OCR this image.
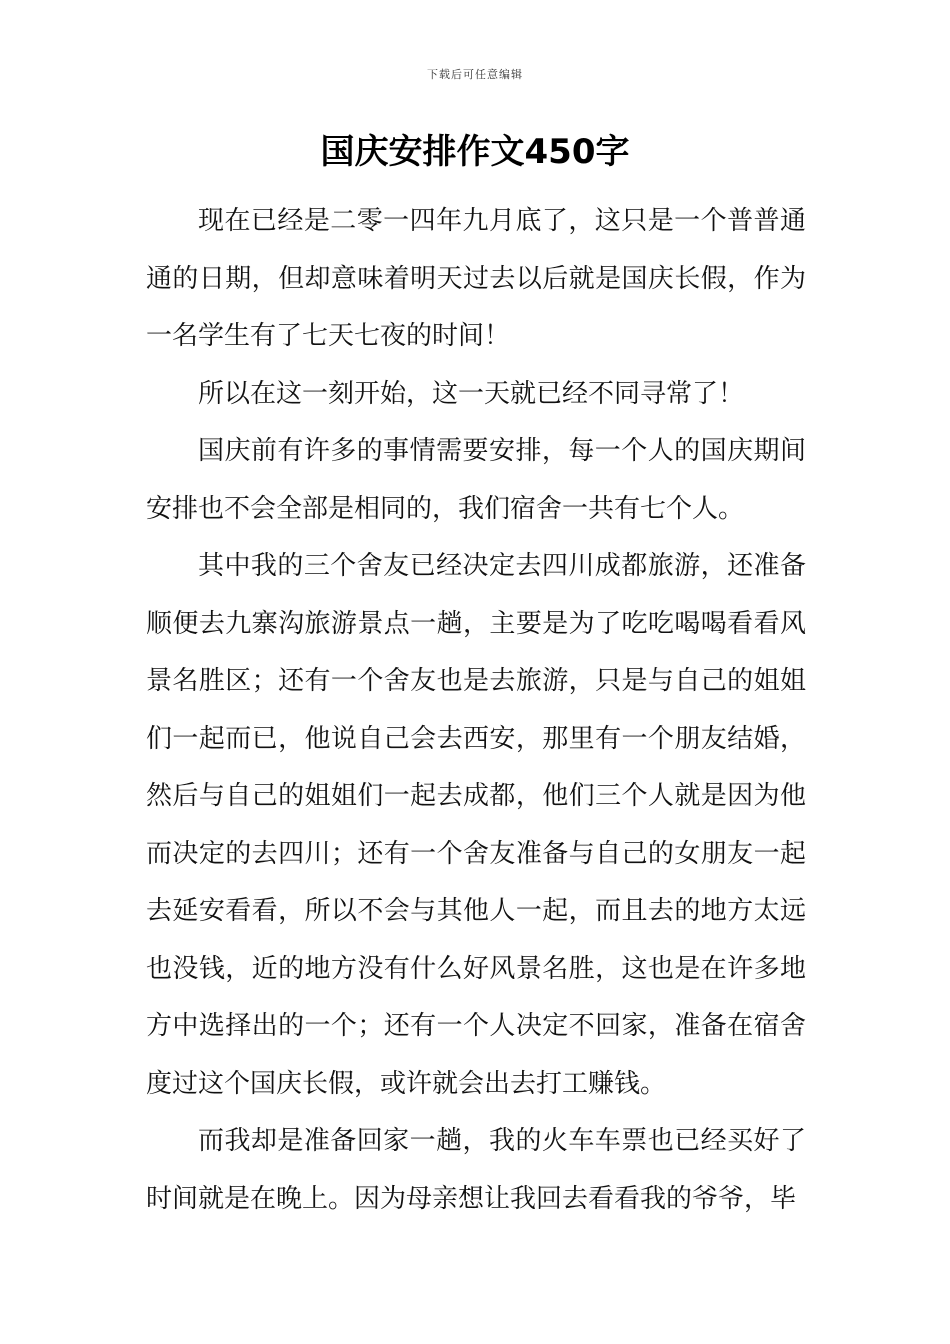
下载后可任意编辑
国庆安排作文450字

现在已经是二零一四年九月底了，这只是一个普普通通的日期，但却意味着明天过去以后就是国庆长假，作为一名学生有了七天七夜的时间！

所以在这一刻开始，这一天就已经不同寻常了！

国庆前有许多的事情需要安排，每一个人的国庆期间安排也不会全部是相同的，我们宿舍一共有七个人。

其中我的三个舍友已经决定去四川成都旅游，还准备顺便去九寨沟旅游景点一趟，主要是为了吃吃喝喝看看风景名胜区；还有一个舍友也是去旅游，只是与自己的姐姐们一起而已，他说自己会去西安，那里有一个朋友结婚，然后与自己的姐姐们一起去成都，他们三个人就是因为他而决定的去四川；还有一个舍友准备与自己的女朋友一起去延安看看，所以不会与其他人一起，而且去的地方太远也没钱，近的地方没有什么好风景名胜，这也是在许多地方中选择出的一个；还有一个人决定不回家，准备在宿舍度过这个国庆长假，或许就会出去打工赚钱。

而我却是准备回家一趟，我的火车车票也已经买好了时间就是在晚上。因为母亲想让我回去看看我的爷爷，毕
